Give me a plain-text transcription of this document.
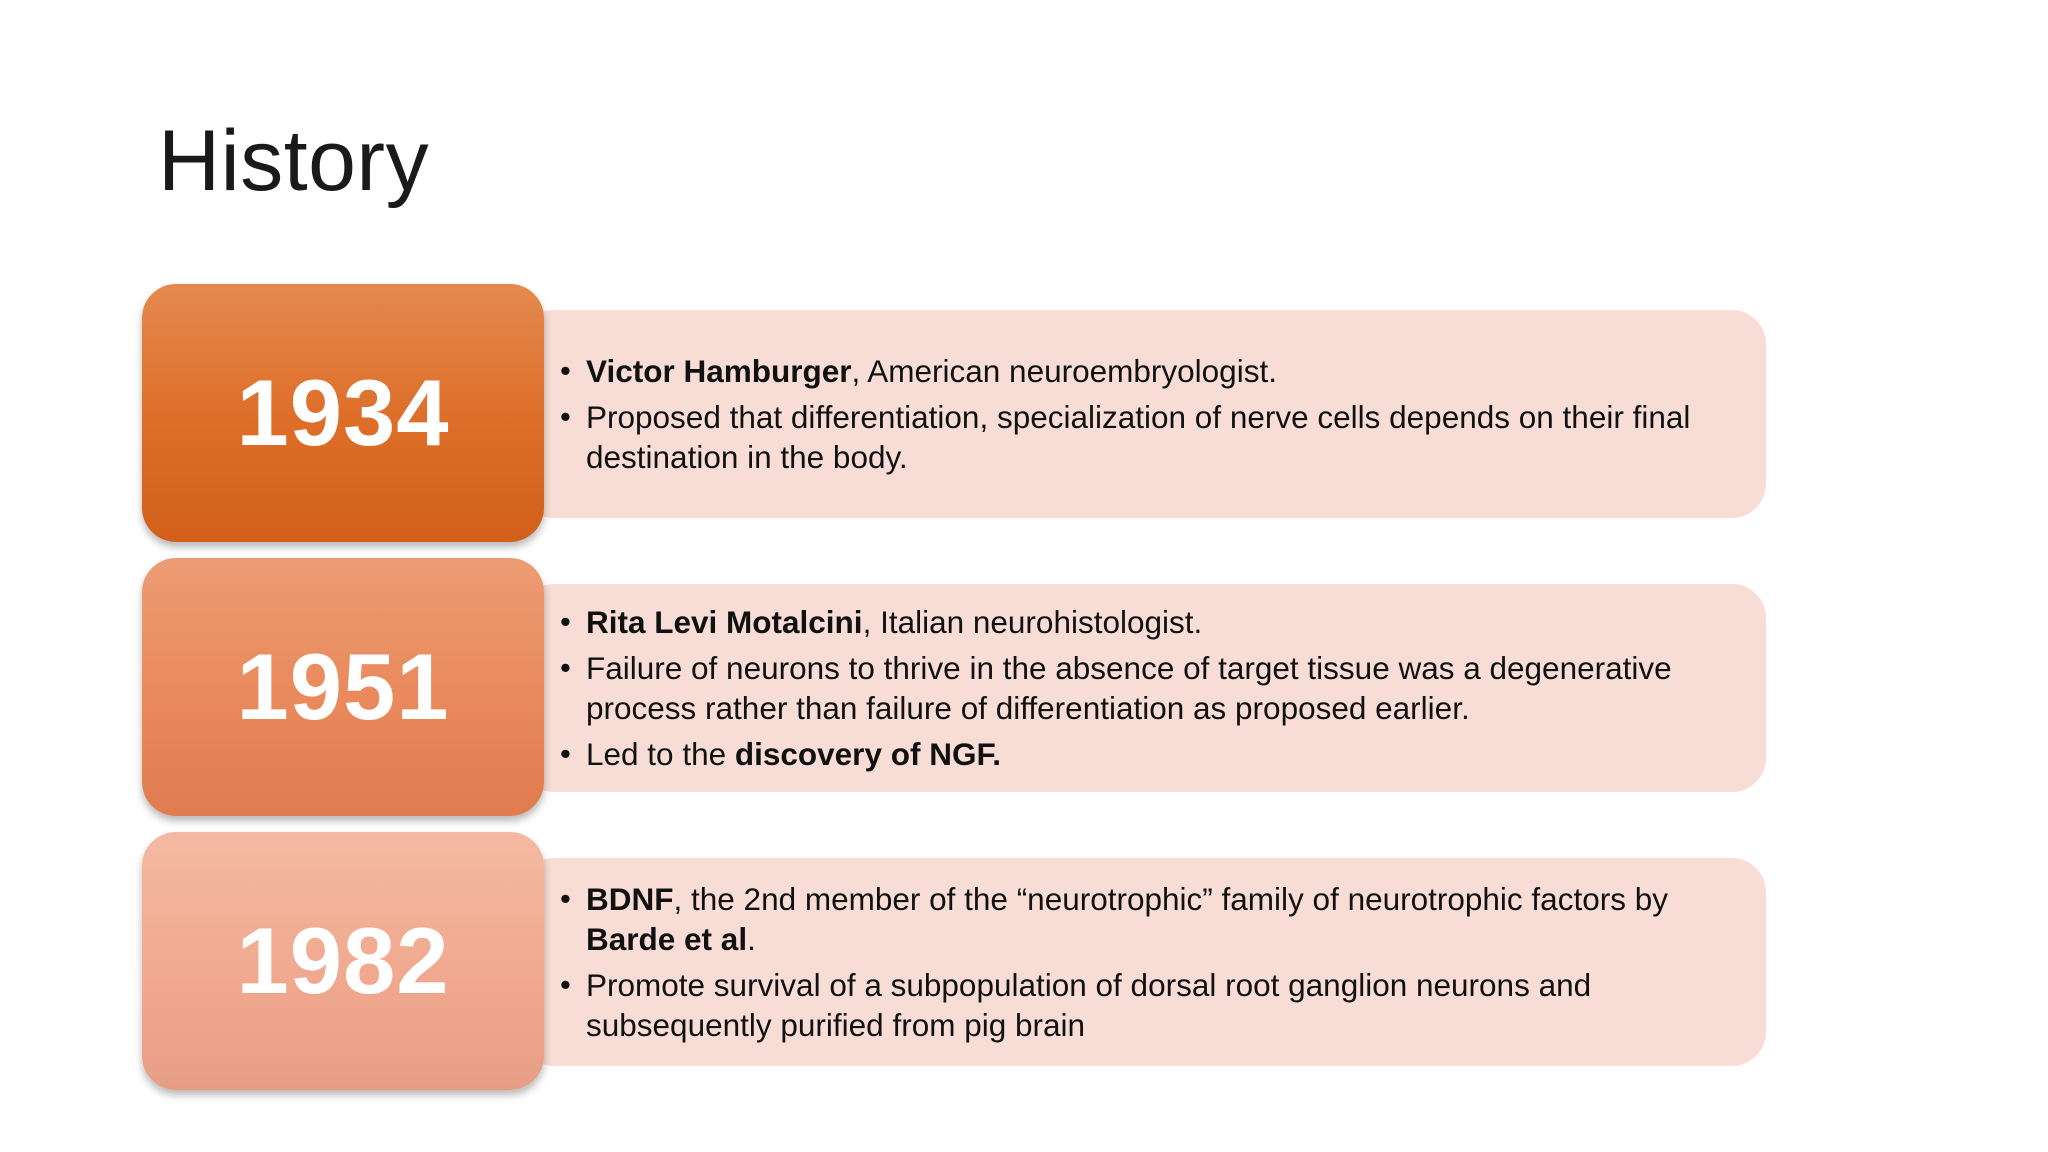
History
• Victor Hamburger, American neuroembryologist.
• Proposed that differentiation, specialization of nerve cells depends on their final destination in the body.
1934
• Rita Levi Motalcini, Italian neurohistologist.
• Failure of neurons to thrive in the absence of target tissue was a degenerative process rather than failure of differentiation as proposed earlier.
• Led to the discovery of NGF.
1951
• BDNF, the 2nd member of the “neurotrophic” family of neurotrophic factors by Barde et al.
• Promote survival of a subpopulation of dorsal root ganglion neurons and subsequently purified from pig brain
1982
